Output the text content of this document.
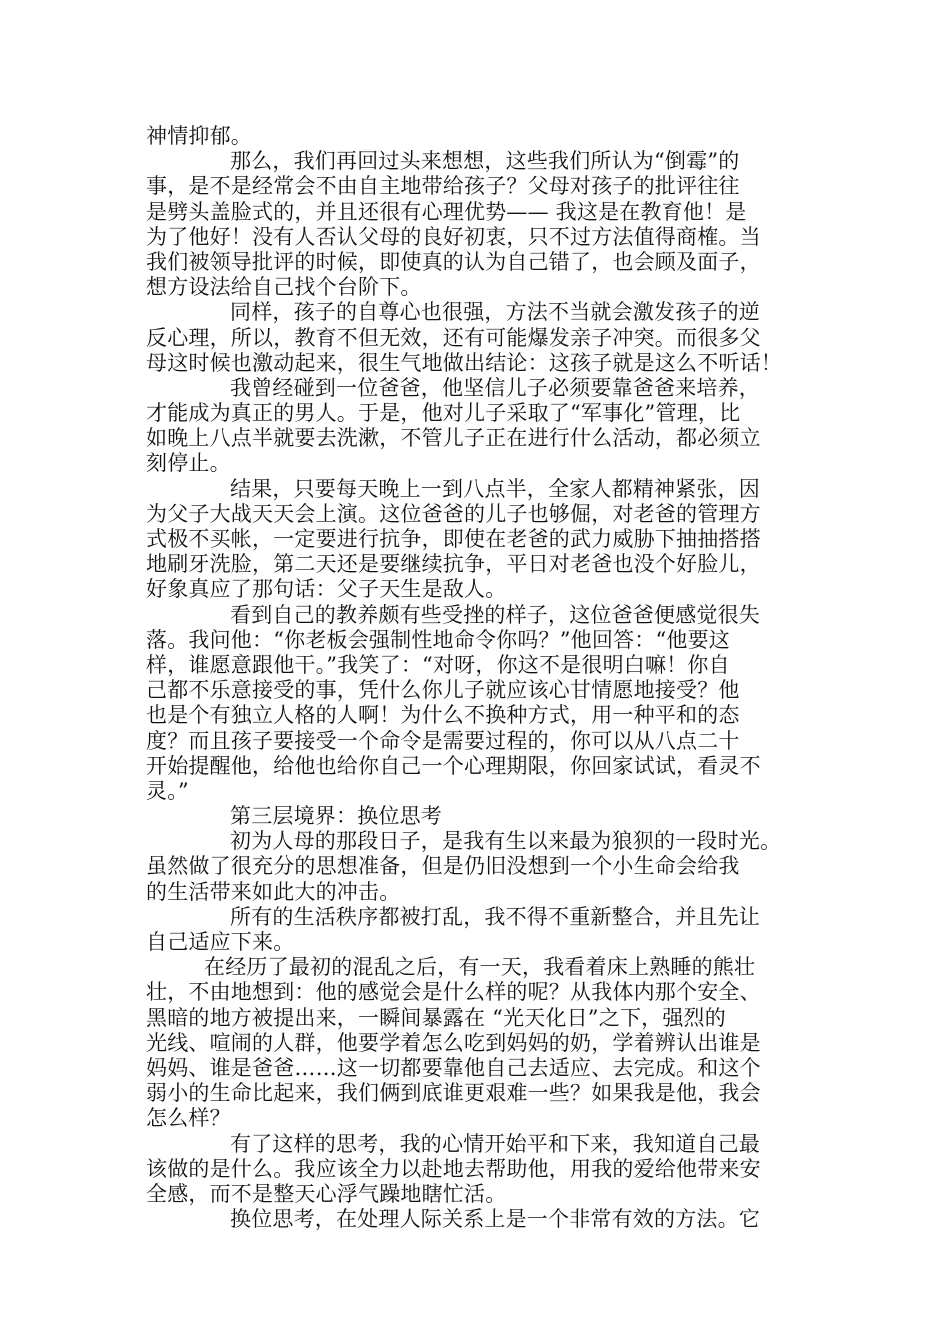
神情抑郁。
那么，我们再回过头来想想，这些我们所认为“倒霉”的
事，是不是经常会不由自主地带给孩子？父母对孩子的批评往往
是劈头盖脸式的，并且还很有心理优势—— 我这是在教育他！是
为了他好！没有人否认父母的良好初衷，只不过方法值得商榷。当
我们被领导批评的时候，即使真的认为自己错了，也会顾及面子，
想方设法给自己找个台阶下。
同样，孩子的自尊心也很强，方法不当就会激发孩子的逆
反心理，所以，教育不但无效，还有可能爆发亲子冲突。而很多父
母这时候也激动起来，很生气地做出结论：这孩子就是这么不听话！
我曾经碰到一位爸爸，他坚信儿子必须要靠爸爸来培养，
才能成为真正的男人。于是，他对儿子采取了“军事化”管理，比
如晚上八点半就要去洗漱，不管儿子正在进行什么活动，都必须立
刻停止。
结果，只要每天晚上一到八点半，全家人都精神紧张，因
为父子大战天天会上演。这位爸爸的儿子也够倔，对老爸的管理方
式极不买帐，一定要进行抗争，即使在老爸的武力威胁下抽抽搭搭
地刷牙洗脸，第二天还是要继续抗争，平日对老爸也没个好脸儿，
好象真应了那句话：父子天生是敌人。
看到自己的教养颇有些受挫的样子，这位爸爸便感觉很失
落。我问他：“你老板会强制性地命令你吗？”他回答：“他要这
样，谁愿意跟他干。”我笑了：“对呀，你这不是很明白嘛！你自
己都不乐意接受的事，凭什么你儿子就应该心甘情愿地接受？他
也是个有独立人格的人啊！为什么不换种方式，用一种平和的态
度？而且孩子要接受一个命令是需要过程的，你可以从八点二十
开始提醒他，给他也给你自己一个心理期限，你回家试试，看灵不
灵。”
第三层境界：换位思考
初为人母的那段日子，是我有生以来最为狼狈的一段时光。
虽然做了很充分的思想准备，但是仍旧没想到一个小生命会给我
的生活带来如此大的冲击。
所有的生活秩序都被打乱，我不得不重新整合，并且先让
自己适应下来。
在经历了最初的混乱之后，有一天，我看着床上熟睡的熊壮
壮，不由地想到：他的感觉会是什么样的呢？从我体内那个安全、
黑暗的地方被提出来，一瞬间暴露在 “光天化日”之下，强烈的
光线、喧闹的人群，他要学着怎么吃到妈妈的奶，学着辨认出谁是
妈妈、谁是爸爸……这一切都要靠他自己去适应、去完成。和这个
弱小的生命比起来，我们俩到底谁更艰难一些？如果我是他，我会
怎么样？
有了这样的思考，我的心情开始平和下来，我知道自己最
该做的是什么。我应该全力以赴地去帮助他，用我的爱给他带来安
全感，而不是整天心浮气躁地瞎忙活。
换位思考，在处理人际关系上是一个非常有效的方法。它
